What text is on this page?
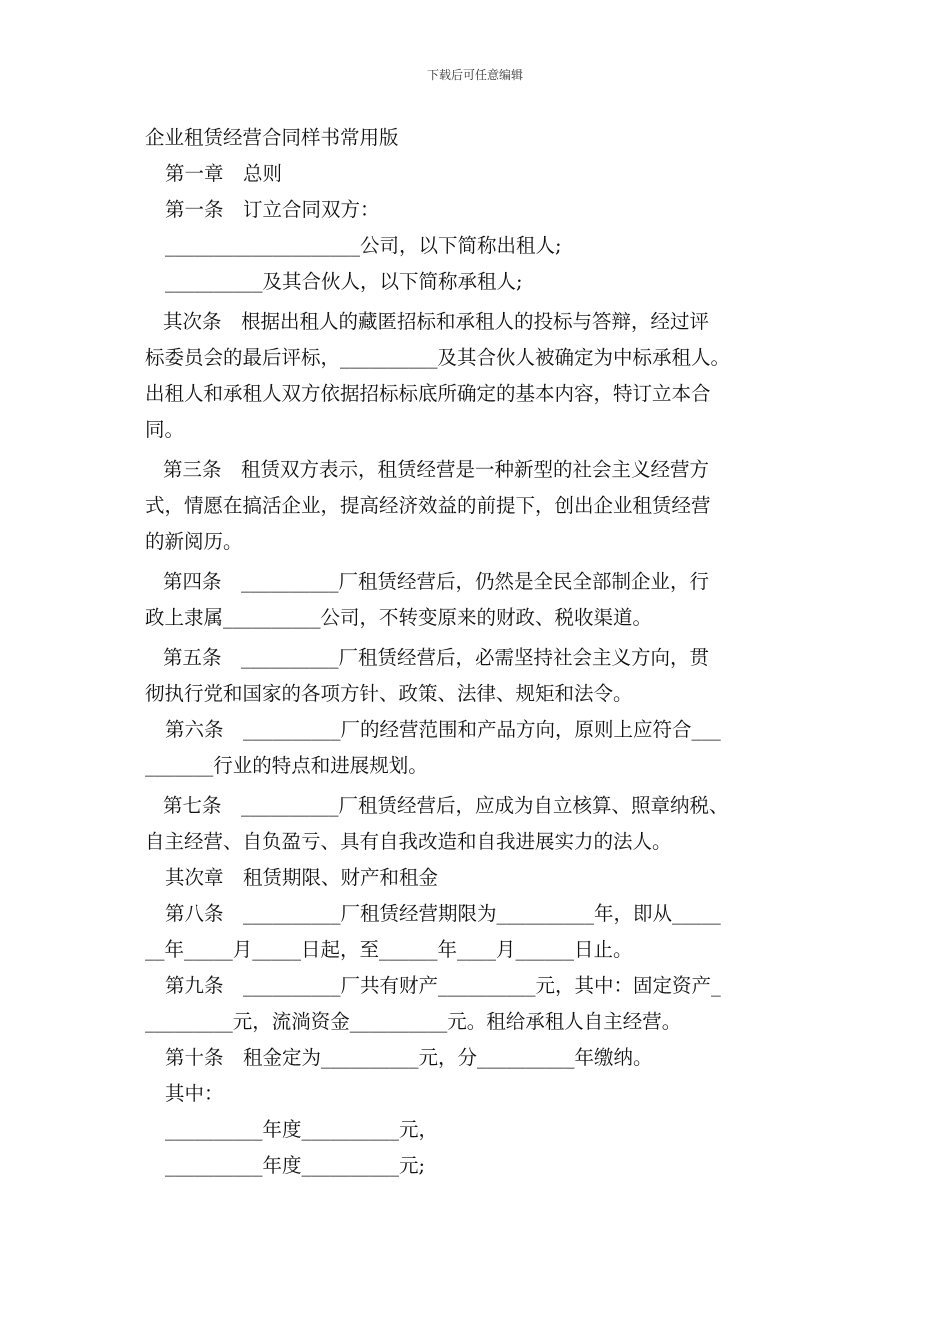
下载后可任意编辑
企业租赁经营合同样书常用版
第一章　总则
第一条　订立合同双方：
____________________公司，以下简称出租人;
__________及其合伙人，以下简称承租人;
其次条　根据出租人的藏匿招标和承租人的投标与答辩，经过评
标委员会的最后评标，__________及其合伙人被确定为中标承租人。
出租人和承租人双方依据招标标底所确定的基本内容，特订立本合
同。
第三条　租赁双方表示，租赁经营是一种新型的社会主义经营方
式，情愿在搞活企业，提高经济效益的前提下，创出企业租赁经营
的新阅历。
第四条　__________厂租赁经营后，仍然是全民全部制企业，行
政上隶属__________公司，不转变原来的财政、税收渠道。
第五条　__________厂租赁经营后，必需坚持社会主义方向，贯
彻执行党和国家的各项方针、政策、法律、规矩和法令。
第六条　__________厂的经营范围和产品方向，原则上应符合___
_______行业的特点和进展规划。
第七条　__________厂租赁经营后，应成为自立核算、照章纳税、
自主经营、自负盈亏、具有自我改造和自我进展实力的法人。
其次章　租赁期限、财产和租金
第八条　__________厂租赁经营期限为__________年，即从_____
__年_____月_____日起，至______年____月______日止。
第九条　__________厂共有财产__________元，其中：固定资产_
_________元，流淌资金__________元。租给承租人自主经营。
第十条　租金定为__________元，分__________年缴纳。
其中：
__________年度__________元，
__________年度__________元;
